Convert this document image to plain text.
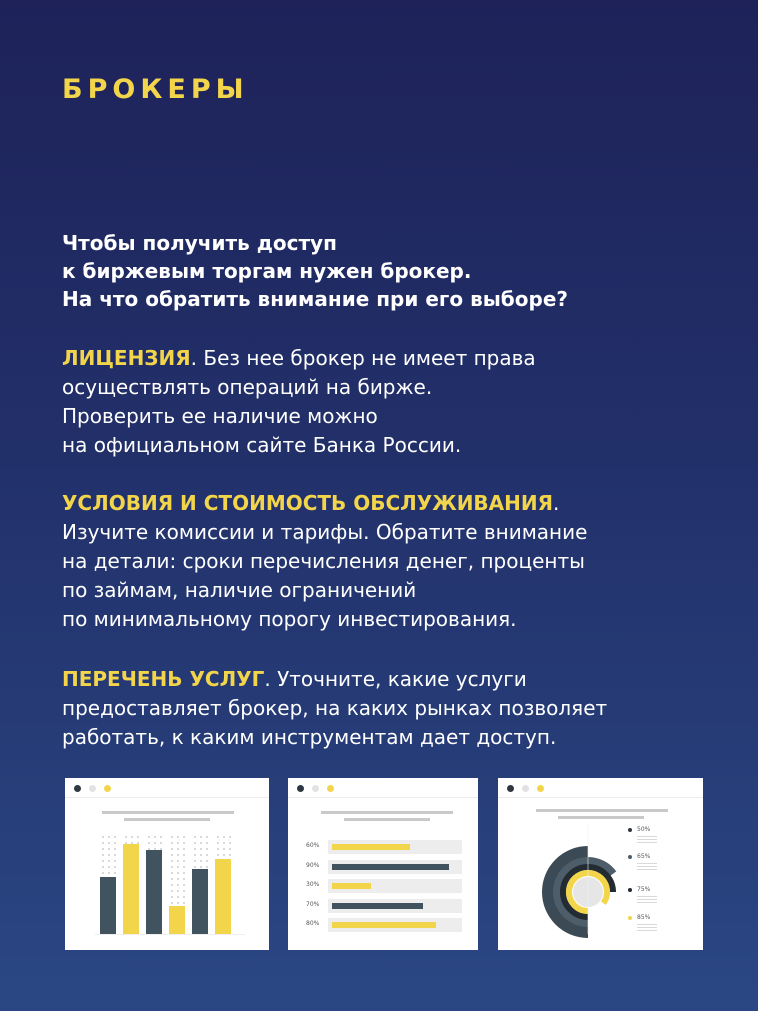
БРОКЕРЫ
Чтобы получить доступ
к биржевым торгам нужен брокер.
На что обратить внимание при его выборе?
ЛИЦЕНЗИЯ. Без нее брокер не имеет права
осуществлять операций на бирже.
Проверить ее наличие можно
на официальном сайте Банка России.
УСЛОВИЯ И СТОИМОСТЬ ОБСЛУЖИВАНИЯ.
Изучите комиссии и тарифы. Обратите внимание
на детали: сроки перечисления денег, проценты
по займам, наличие ограничений
по минимальному порогу инвестирования.
ПЕРЕЧЕНЬ УСЛУГ. Уточните, какие услуги
предоставляет брокер, на каких рынках позволяет
работать, к каким инструментам дает доступ.
60%
90%
30%
70%
80%
50%
65%
75%
85%
